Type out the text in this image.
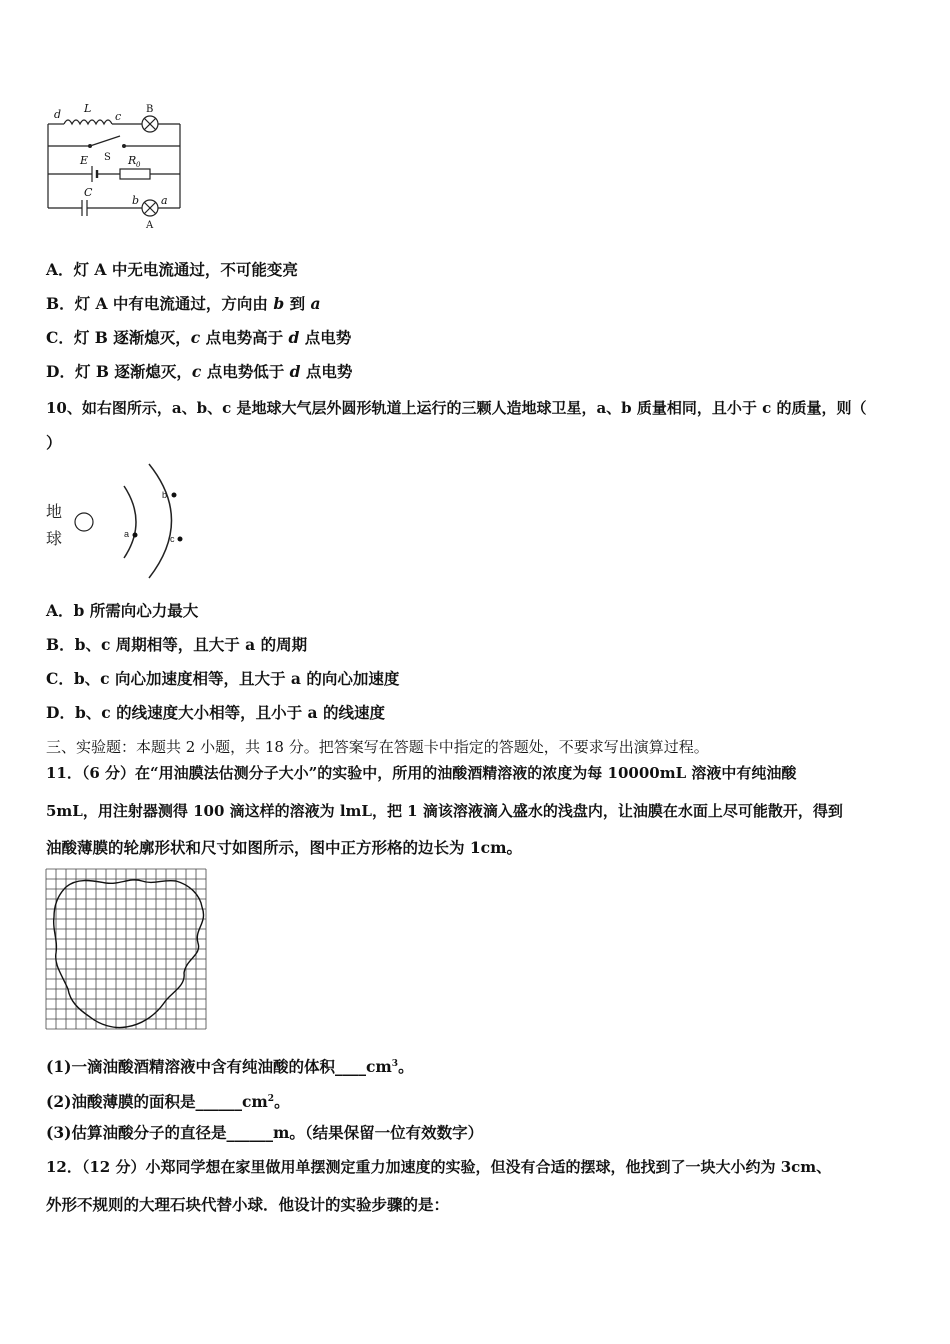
d L
c
B
S
E	R 0
C
b a
A
A．灯 A 中无电流通过，不可能变亮
B．灯 A 中有电流通过，方向由 b 到 a
C．灯 B 逐渐熄灭，c 点电势高于 d 点电势
D．灯 B 逐渐熄灭，c 点电势低于 d 点电势
10、如右图所示，a、b、c 是地球大气层外圆形轨道上运行的三颗人造地球卫星，a、b 质量相同，且小于 c 的质量，则（
）
地
球	a
b
c
A．b 所需向心力最大
B．b、c 周期相等，且大于 a 的周期
C．b、c 向心加速度相等，且大于 a 的向心加速度
D．b、c 的线速度大小相等，且小于 a 的线速度
三、实验题：本题共 2 小题，共 18 分。把答案写在答题卡中指定的答题处，不要求写出演算过程。
11．（6 分）在“用油膜法估测分子大小”的实验中，所用的油酸酒精溶液的浓度为每 10000mL 溶液中有纯油酸
5mL，用注射器测得 100 滴这样的溶液为 lmL，把 1 滴该溶液滴入盛水的浅盘内，让油膜在水面上尽可能散开，得到
油酸薄膜的轮廓形状和尺寸如图所示，图中正方形格的边长为 1cm。
(1)一滴油酸酒精溶液中含有纯油酸的体积$\_\_\_\_cm^3$。
(2)油酸薄膜的面积是$\_\_\_\_\_\_cm^2$。
(3)估算油酸分子的直径是______m。（结果保留一位有效数字）
12．（12 分）小郑同学想在家里做用单摆测定重力加速度的实验，但没有合适的摆球，他找到了一块大小约为 3cm、
外形不规则的大理石块代替小球．他设计的实验步骤的是：
